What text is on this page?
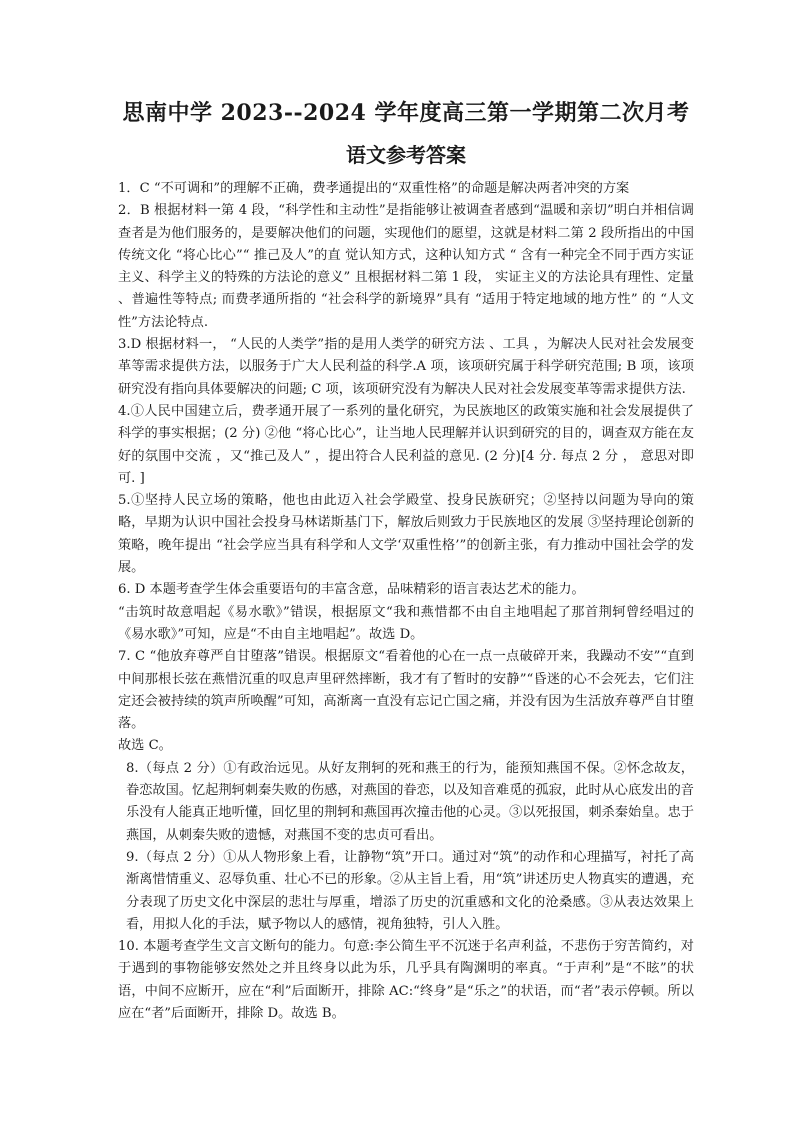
思南中学 2023--2024 学年度高三第一学期第二次月考
语文参考答案

1．C “不可调和”的理解不正确，费孝通提出的“双重性格”的命题是解决两者冲突的方案

2．B 根据材料一第 4 段，“科学性和主动性”是指能够让被调查者感到“温暖和亲切”明白并相信调查者是为他们服务的，是要解决他们的问题，实现他们的愿望，这就是材料二第 2 段所指出的中国传统文化 “将心比心”“ 推己及人”的直 觉认知方式，这种认知方式 “ 含有一种完全不同于西方实证主义、科学主义的特殊的方法论的意义” 且根据材料二第 1 段， 实证主义的方法论具有理性、定量 、普遍性等特点; 而费孝通所指的 “社会科学的新境界”具有 “适用于特定地域的地方性” 的 “人文性”方法论特点.

3.D 根据材料一， “人民的人类学”指的是用人类学的研究方法 、工具 ，为解决人民对社会发展变革等需求提供方法，以服务于广大人民利益的科学.A 项，该项研究属于科学研究范围; B 项，该项研究没有指向具体要解决的问题; C 项，该项研究没有为解决人民对社会发展变革等需求提供方法.

4.①人民中国建立后，费孝通开展了一系列的量化研究，为民族地区的政策实施和社会发展提供了科学的事实根据；(2 分) ②他 “将心比心”，让当地人民理解并认识到研究的目的，调查双方能在友好的氛围中交流 ，又“推己及人” ，提出符合人民利益的意见. (2 分)[4 分. 每点 2 分 ， 意思对即可. ]

5.①坚持人民立场的策略，他也由此迈入社会学殿堂、投身民族研究；②坚持以问题为导向的策略，早期为认识中国社会投身马林诺斯基门下，解放后则致力于民族地区的发展 ③坚持理论创新的策略，晚年提出 “社会学应当具有科学和人文学‘双重性格’”的创新主张，有力推动中国社会学的发展。

6. D 本题考查学生体会重要语句的丰富含意，品味精彩的语言表达艺术的能力。

“击筑时故意唱起《易水歌》”错误，根据原文“我和燕惜都不由自主地唱起了那首荆轲曾经唱过的《易水歌》”可知，应是“不由自主地唱起”。故选 D。

7. C “他放弃尊严自甘堕落”错误。根据原文“看着他的心在一点一点破碎开来，我躁动不安”“直到中间那根长弦在燕惜沉重的叹息声里砰然摔断，我才有了暂时的安静”“昏迷的心不会死去，它们注定还会被持续的筑声所唤醒”可知，高渐离一直没有忘记亡国之痛，并没有因为生活放弃尊严自甘堕落。

故选 C。

8.（每点 2 分）①有政治远见。从好友荆轲的死和燕王的行为，能预知燕国不保。②怀念故友，眷恋故国。忆起荆轲刺秦失败的伤感，对燕国的眷恋，以及知音难觅的孤寂，此时从心底发出的音乐没有人能真正地听懂，回忆里的荆轲和燕国再次撞击他的心灵。③以死报国，刺杀秦始皇。忠于燕国，从刺秦失败的遗憾，对燕国不变的忠贞可看出。

9.（每点 2 分）①从人物形象上看，让静物“筑”开口。通过对“筑”的动作和心理描写，衬托了高渐离惜情重义、忍辱负重、壮心不已的形象。②从主旨上看，用“筑”讲述历史人物真实的遭遇，充分表现了历史文化中深层的悲壮与厚重，增添了历史的沉重感和文化的沧桑感。③从表达效果上看，用拟人化的手法，赋予物以人的感情，视角独特，引人入胜。

10. 本题考查学生文言文断句的能力。句意:李公简生平不沉迷于名声利益，不悲伤于穷苦简约，对于遇到的事物能够安然处之并且终身以此为乐，几乎具有陶渊明的率真。“于声利”是“不眩”的状语，中间不应断开，应在“利”后面断开，排除 AC:“终身”是“乐之”的状语，而“者”表示停顿。所以应在“者”后面断开，排除 D。故选 B。
